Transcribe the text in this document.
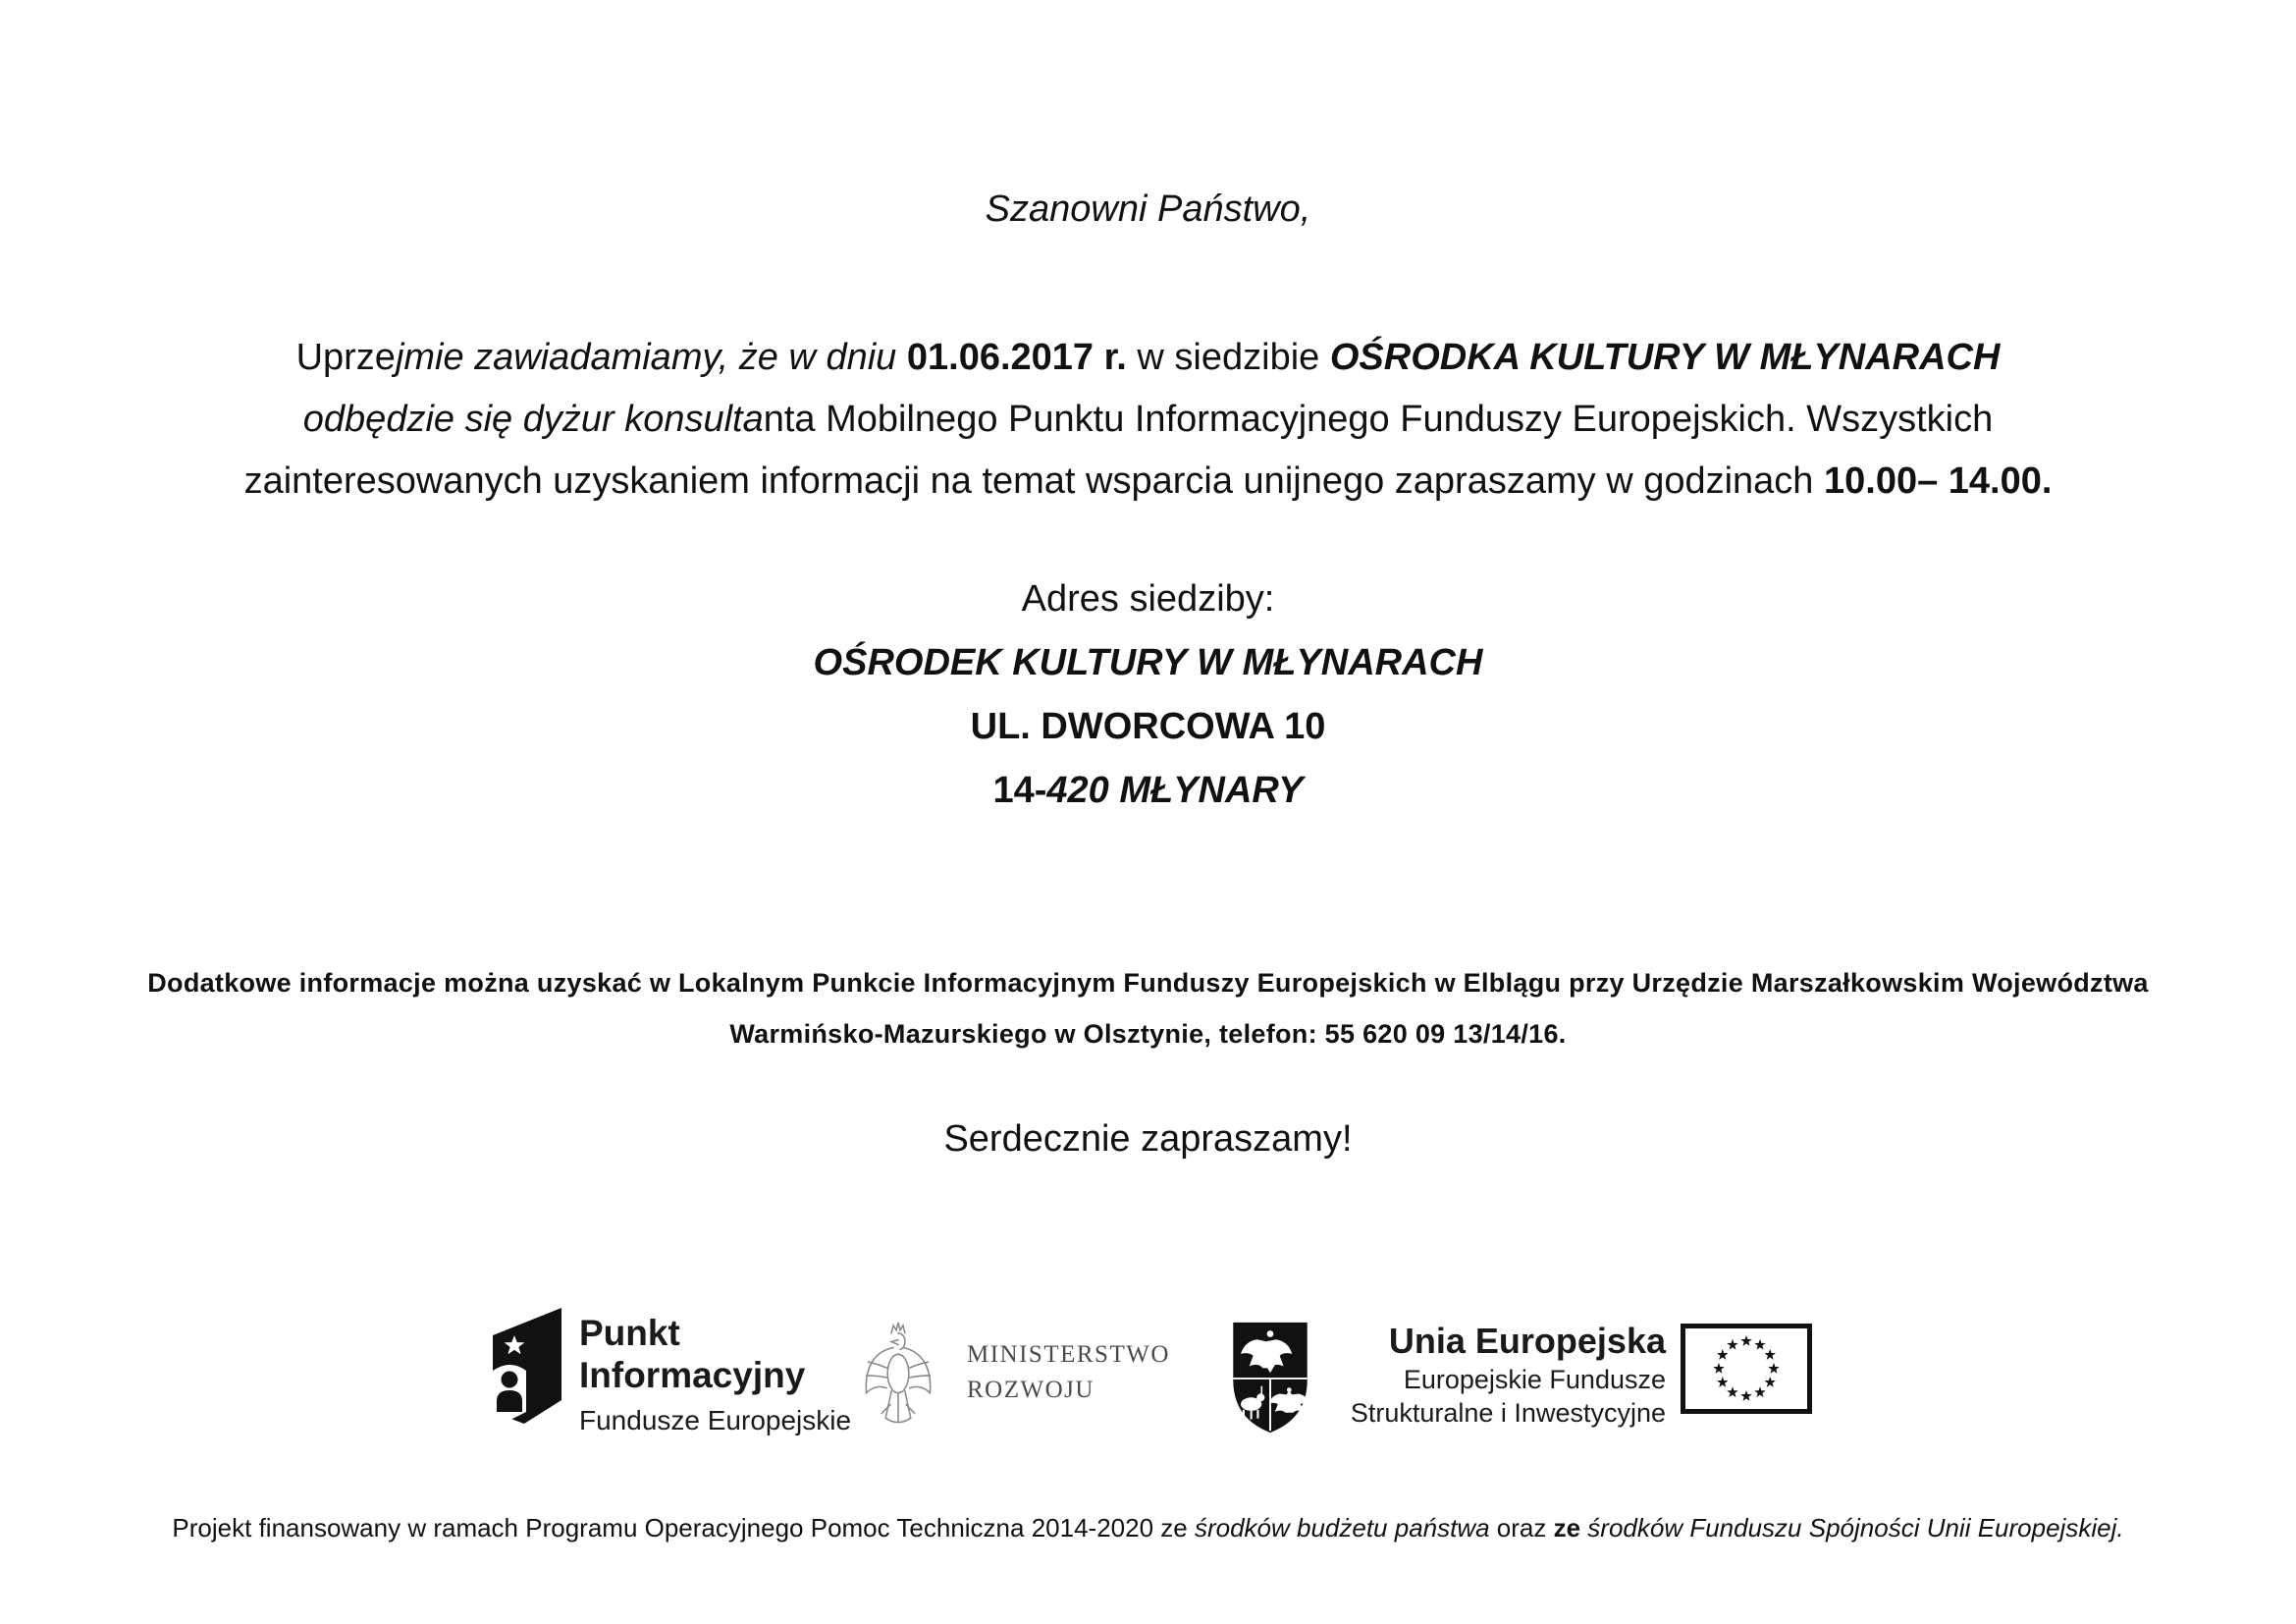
Szanowni Państwo,
Uprzejmie zawiadamiamy, że w dniu 01.06.2017 r. w siedzibie OŚRODKA KULTURY W MŁYNARACH
odbędzie się dyżur konsultanta Mobilnego Punktu Informacyjnego Funduszy Europejskich. Wszystkich
zainteresowanych uzyskaniem informacji na temat wsparcia unijnego zapraszamy w godzinach 10.00– 14.00.
Adres siedziby:
OŚRODEK KULTURY W MŁYNARACH
UL. DWORCOWA 10
14-420 MŁYNARY
Dodatkowe informacje można uzyskać w Lokalnym Punkcie Informacyjnym Funduszy Europejskich w Elblągu przy Urzędzie Marszałkowskim Województwa
Warmińsko-Mazurskiego w Olsztynie, telefon: 55 620 09 13/14/16.
Serdecznie zapraszamy!
Punkt
Informacyjny
Fundusze Europejskie
MINISTERSTWO
ROZWOJU
Unia Europejska
Europejskie Fundusze
Strukturalne i Inwestycyjne
Projekt finansowany w ramach Programu Operacyjnego Pomoc Techniczna 2014-2020 ze środków budżetu państwa oraz ze środków Funduszu Spójności Unii Europejskiej.
